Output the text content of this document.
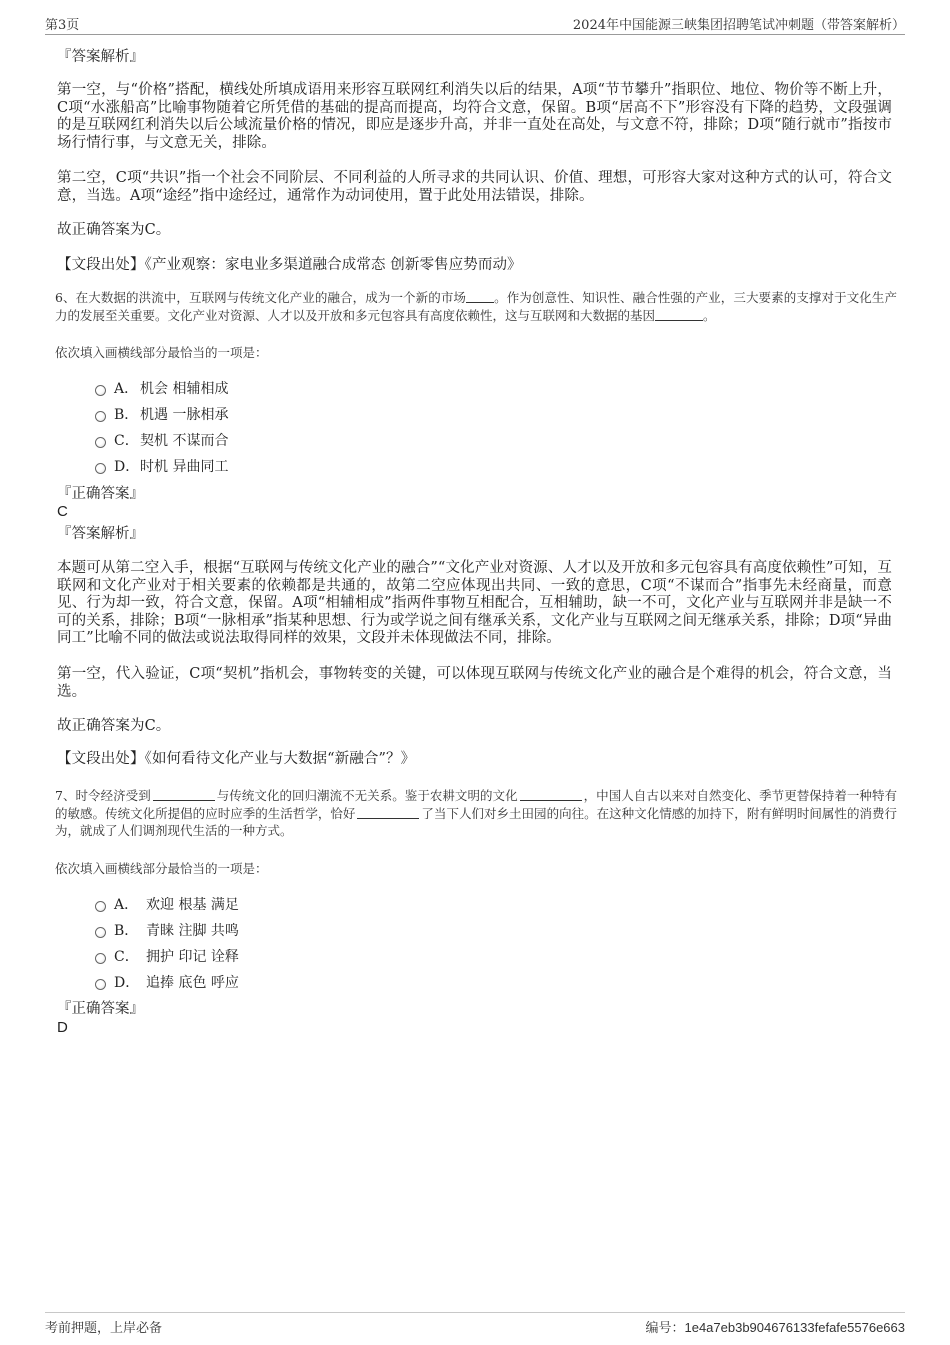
第3页	2024年中国能源三峡集团招聘笔试冲刺题（带答案解析）
『答案解析』
第一空，与“价格”搭配，横线处所填成语用来形容互联网红利消失以后的结果，A项“节节攀升”指职位、地位、物价等不断上升，C项“水涨船高”比喻事物随着它所凭借的基础的提高而提高，均符合文意，保留。B项“居高不下”形容没有下降的趋势，文段强调的是互联网红利消失以后公域流量价格的情况，即应是逐步升高，并非一直处在高处，与文意不符，排除；D项“随行就市”指按市场行情行事，与文意无关，排除。
第二空，C项“共识”指一个社会不同阶层、不同利益的人所寻求的共同认识、价值、理想，可形容大家对这种方式的认可，符合文意，当选。A项“途经”指中途经过，通常作为动词使用，置于此处用法错误，排除。
故正确答案为C。
【文段出处】《产业观察：家电业多渠道融合成常态 创新零售应势而动》
6、在大数据的洪流中，互联网与传统文化产业的融合，成为一个新的市场 。作为创意性、知识性、融合性强的产业，三大要素的支撑对于文化生产力的发展至关重要。文化产业对资源、人才以及开放和多元包容具有高度依赖性，这与互联网和大数据的基因	。
依次填入画横线部分最恰当的一项是：
A． 机会 相辅相成
B． 机遇 一脉相承
C．契机 不谋而合
D．时机 异曲同工
『正确答案』
C
『答案解析』
本题可从第二空入手，根据“互联网与传统文化产业的融合”“文化产业对资源、人才以及开放和多元包容具有高度依赖性”可知，互联网和文化产业对于相关要素的依赖都是共通的，故第二空应体现出共同、一致的意思，C项“不谋而合”指事先未经商量，而意见、行为却一致，符合文意，保留。A项“相辅相成”指两件事物互相配合，互相辅助，缺一不可，文化产业与互联网并非是缺一不可的关系，排除；B项“一脉相承”指某种思想、行为或学说之间有继承关系，文化产业与互联网之间无继承关系，排除；D项“异曲同工”比喻不同的做法或说法取得同样的效果，文段并未体现做法不同，排除。
第一空，代入验证，C项“契机”指机会，事物转变的关键，可以体现互联网与传统文化产业的融合是个难得的机会，符合文意，当选。
故正确答案为C。
【文段出处】《如何看待文化产业与大数据“新融合”？》
7、时令经济受到	与传统文化的回归潮流不无关系。鉴于农耕文明的文化	，中国人自古以来对自然变化、季节更替保持着一种特有的敏感。传统文化所提倡的应时应季的生活哲学，恰好	了当下人们对乡土田园的向往。在这种文化情感的加持下，附有鲜明时间属性的消费行为，就成了人们调剂现代生活的一种方式。
依次填入画横线部分最恰当的一项是：
A． 欢迎 根基 满足
B． 青睐 注脚 共鸣
C． 拥护 印记 诠释
D． 追捧 底色 呼应
『正确答案』
D
考前押题，上岸必备	编号：1e4a7eb3b904676133fefafe5576e663
